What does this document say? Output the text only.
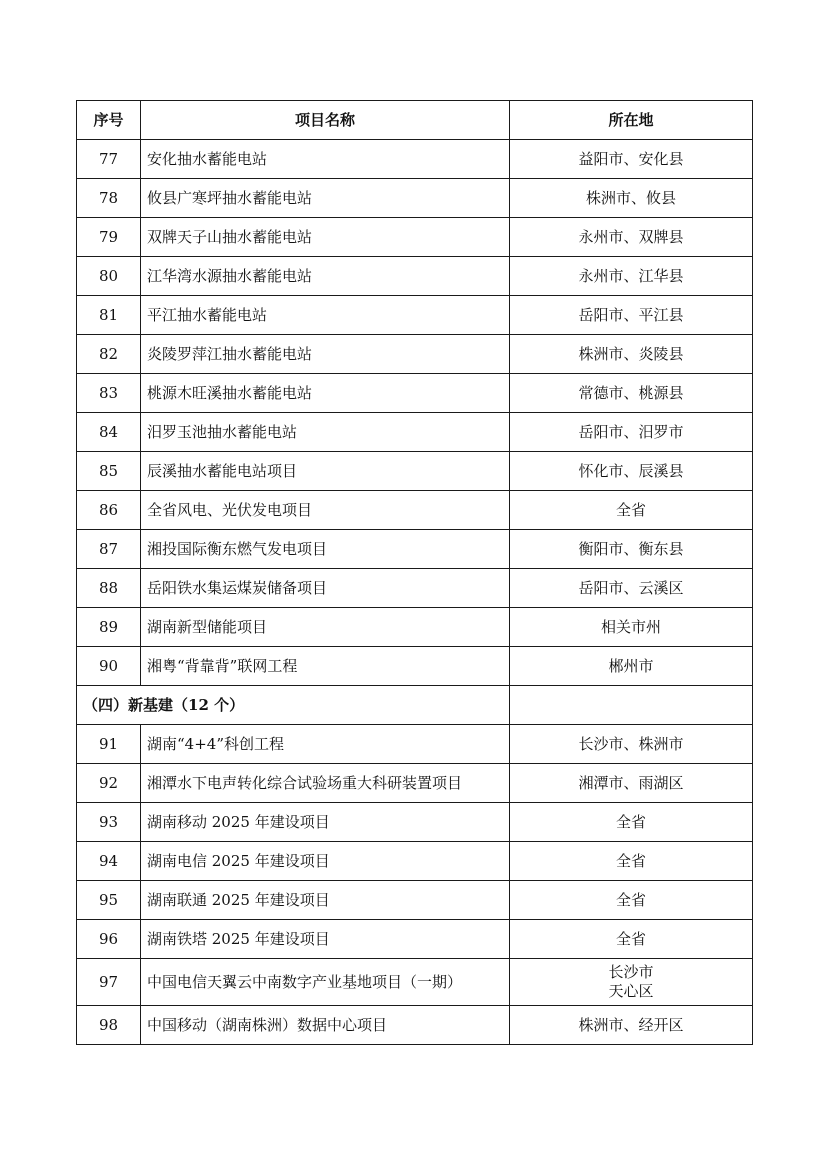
序号	项目名称	所在地
77	安化抽水蓄能电站	益阳市、安化县
78	攸县广寒坪抽水蓄能电站	株洲市、攸县
79	双牌天子山抽水蓄能电站	永州市、双牌县
80	江华湾水源抽水蓄能电站	永州市、江华县
81	平江抽水蓄能电站	岳阳市、平江县
82	炎陵罗萍江抽水蓄能电站	株洲市、炎陵县
83	桃源木旺溪抽水蓄能电站	常德市、桃源县
84	汨罗玉池抽水蓄能电站	岳阳市、汨罗市
85	辰溪抽水蓄能电站项目	怀化市、辰溪县
86	全省风电、光伏发电项目	全省
87	湘投国际衡东燃气发电项目	衡阳市、衡东县
88	岳阳铁水集运煤炭储备项目	岳阳市、云溪区
89	湖南新型储能项目	相关市州
90	湘粤“背靠背”联网工程	郴州市
（四）新基建（12 个）		
91	湖南“4+4”科创工程	长沙市、株洲市
92	湘潭水下电声转化综合试验场重大科研装置项目	湘潭市、雨湖区
93	湖南移动 2025 年建设项目	全省
94	湖南电信 2025 年建设项目	全省
95	湖南联通 2025 年建设项目	全省
96	湖南铁塔 2025 年建设项目	全省
97	中国电信天翼云中南数字产业基地项目（一期）	长沙市
天心区

98	中国移动（湖南株洲）数据中心项目	株洲市、经开区
